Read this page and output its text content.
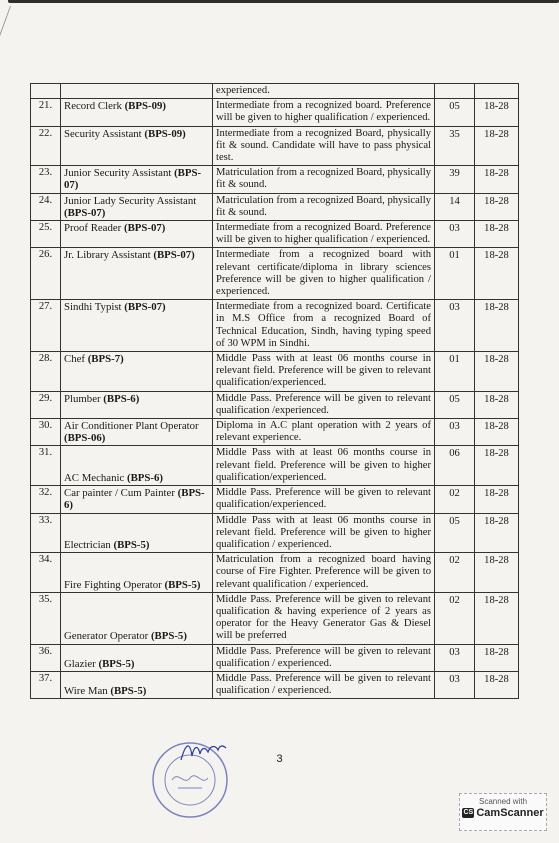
		experienced.		
21.	Record Clerk (BPS-09)	Intermediate from a recognized board. Preference will be given to higher qualification / experienced.	05	18-28
22.	Security Assistant (BPS-09)	Intermediate from a recognized Board, physically fit & sound. Candidate will have to pass physical test.	35	18-28
23.	Junior Security Assistant (BPS-07)	Matriculation from a recognized Board, physically fit & sound.	39	18-28
24.	Junior Lady Security Assistant (BPS-07)	Matriculation from a recognized Board, physically fit & sound.	14	18-28
25.	Proof Reader (BPS-07)	Intermediate from a recognized Board. Preference will be given to higher qualification / experienced.	03	18-28
26.	Jr. Library Assistant (BPS-07)	Intermediate from a recognized board with relevant certificate/diploma in library sciences Preference will be given to higher qualification / experienced.	01	18-28
27.	Sindhi Typist (BPS-07)	Intermediate from a recognized board. Certificate in M.S Office from a recognized Board of Technical Education, Sindh, having typing speed of 30 WPM in Sindhi.	03	18-28
28.	Chef (BPS-7)	Middle Pass with at least 06 months course in relevant field. Preference will be given to relevant qualification/experienced.	01	18-28
29.	Plumber (BPS-6)	Middle Pass. Preference will be given to relevant qualification /experienced.	05	18-28
30.	Air Conditioner Plant Operator (BPS-06)	Diploma in A.C plant operation with 2 years of relevant experience.	03	18-28
31.	AC Mechanic (BPS-6)	Middle Pass with at least 06 months course in relevant field. Preference will be given to higher qualification/experienced.	06	18-28
32.	Car painter / Cum Painter (BPS-6)	Middle Pass. Preference will be given to relevant qualification/experienced.	02	18-28
33.	Electrician (BPS-5)	Middle Pass with at least 06 months course in relevant field. Preference will be given to higher qualification / experienced.	05	18-28
34.	Fire Fighting Operator (BPS-5)	Matriculation from a recognized board having course of Fire Fighter. Preference will be given to relevant qualification / experienced.	02	18-28
35.	Generator Operator (BPS-5)	Middle Pass. Preference will be given to relevant qualification & having experience of 2 years as operator for the Heavy Generator Gas & Diesel will be preferred	02	18-28
36.	Glazier (BPS-5)	Middle Pass. Preference will be given to relevant qualification / experienced.	03	18-28
37.	Wire Man (BPS-5)	Middle Pass. Preference will be given to relevant qualification / experienced.	03	18-28
3
Scanned with
CS CamScanner
